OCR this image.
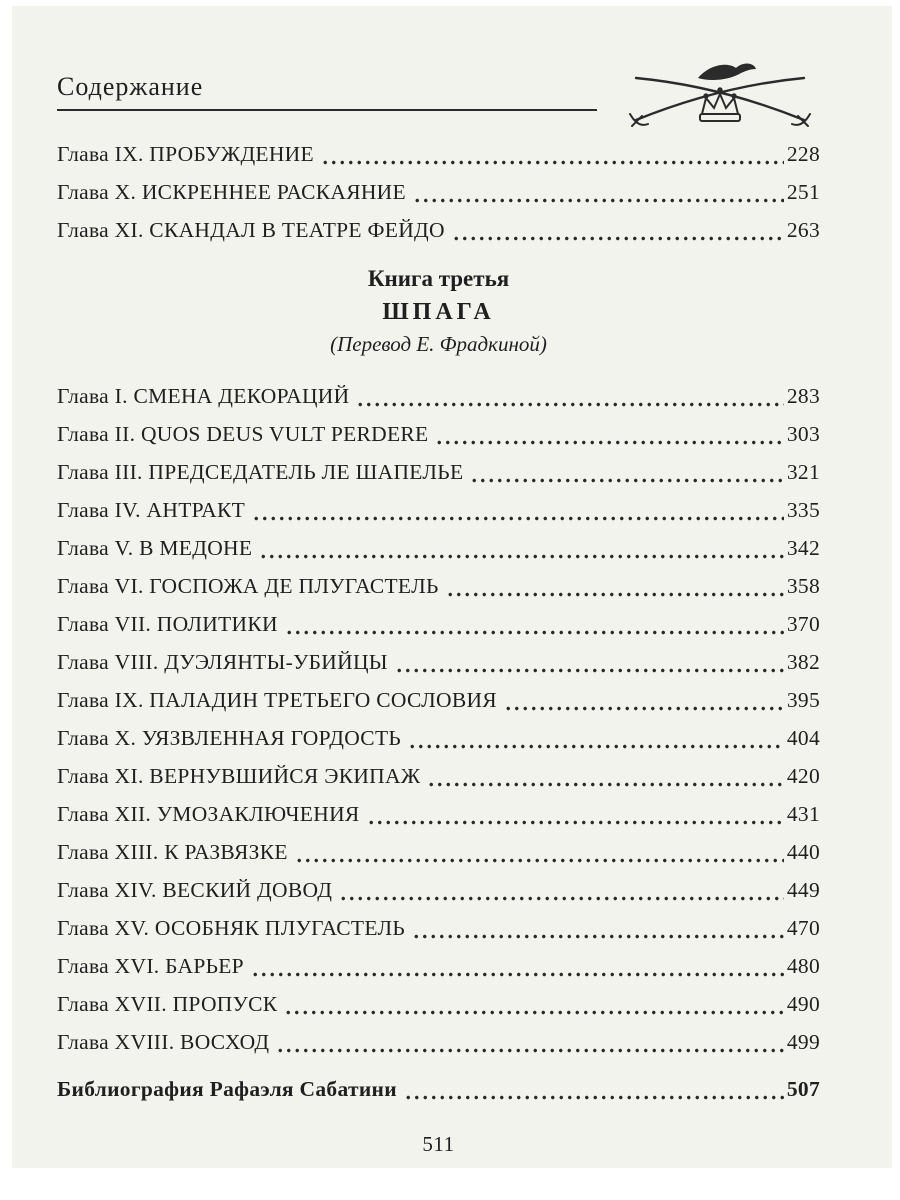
Содержание
Глава IX. ПРОБУЖДЕНИЕ	228
Глава X. ИСКРЕННЕЕ РАСКАЯНИЕ	251
Глава XI. СКАНДАЛ В ТЕАТРЕ ФЕЙДО	263
Книга третья
ШПАГА
(Перевод Е. Фрадкиной)
Глава I. СМЕНА ДЕКОРАЦИЙ	283
Глава II. QUOS DEUS VULT PERDERE	303
Глава III. ПРЕДСЕДАТЕЛЬ ЛЕ ШАПЕЛЬЕ	321
Глава IV. АНТРАКТ	335
Глава V. В МЕДОНЕ	342
Глава VI. ГОСПОЖА ДЕ ПЛУГАСТЕЛЬ	358
Глава VII. ПОЛИТИКИ	370
Глава VIII. ДУЭЛЯНТЫ-УБИЙЦЫ	382
Глава IX. ПАЛАДИН ТРЕТЬЕГО СОСЛОВИЯ	395
Глава X. УЯЗВЛЕННАЯ ГОРДОСТЬ	404
Глава XI. ВЕРНУВШИЙСЯ ЭКИПАЖ	420
Глава XII. УМОЗАКЛЮЧЕНИЯ	431
Глава XIII. К РАЗВЯЗКЕ	440
Глава XIV. ВЕСКИЙ ДОВОД	449
Глава XV. ОСОБНЯК ПЛУГАСТЕЛЬ	470
Глава XVI. БАРЬЕР	480
Глава XVII. ПРОПУСК	490
Глава XVIII. ВОСХОД	499
Библиография Рафаэля Сабатини	507
511
